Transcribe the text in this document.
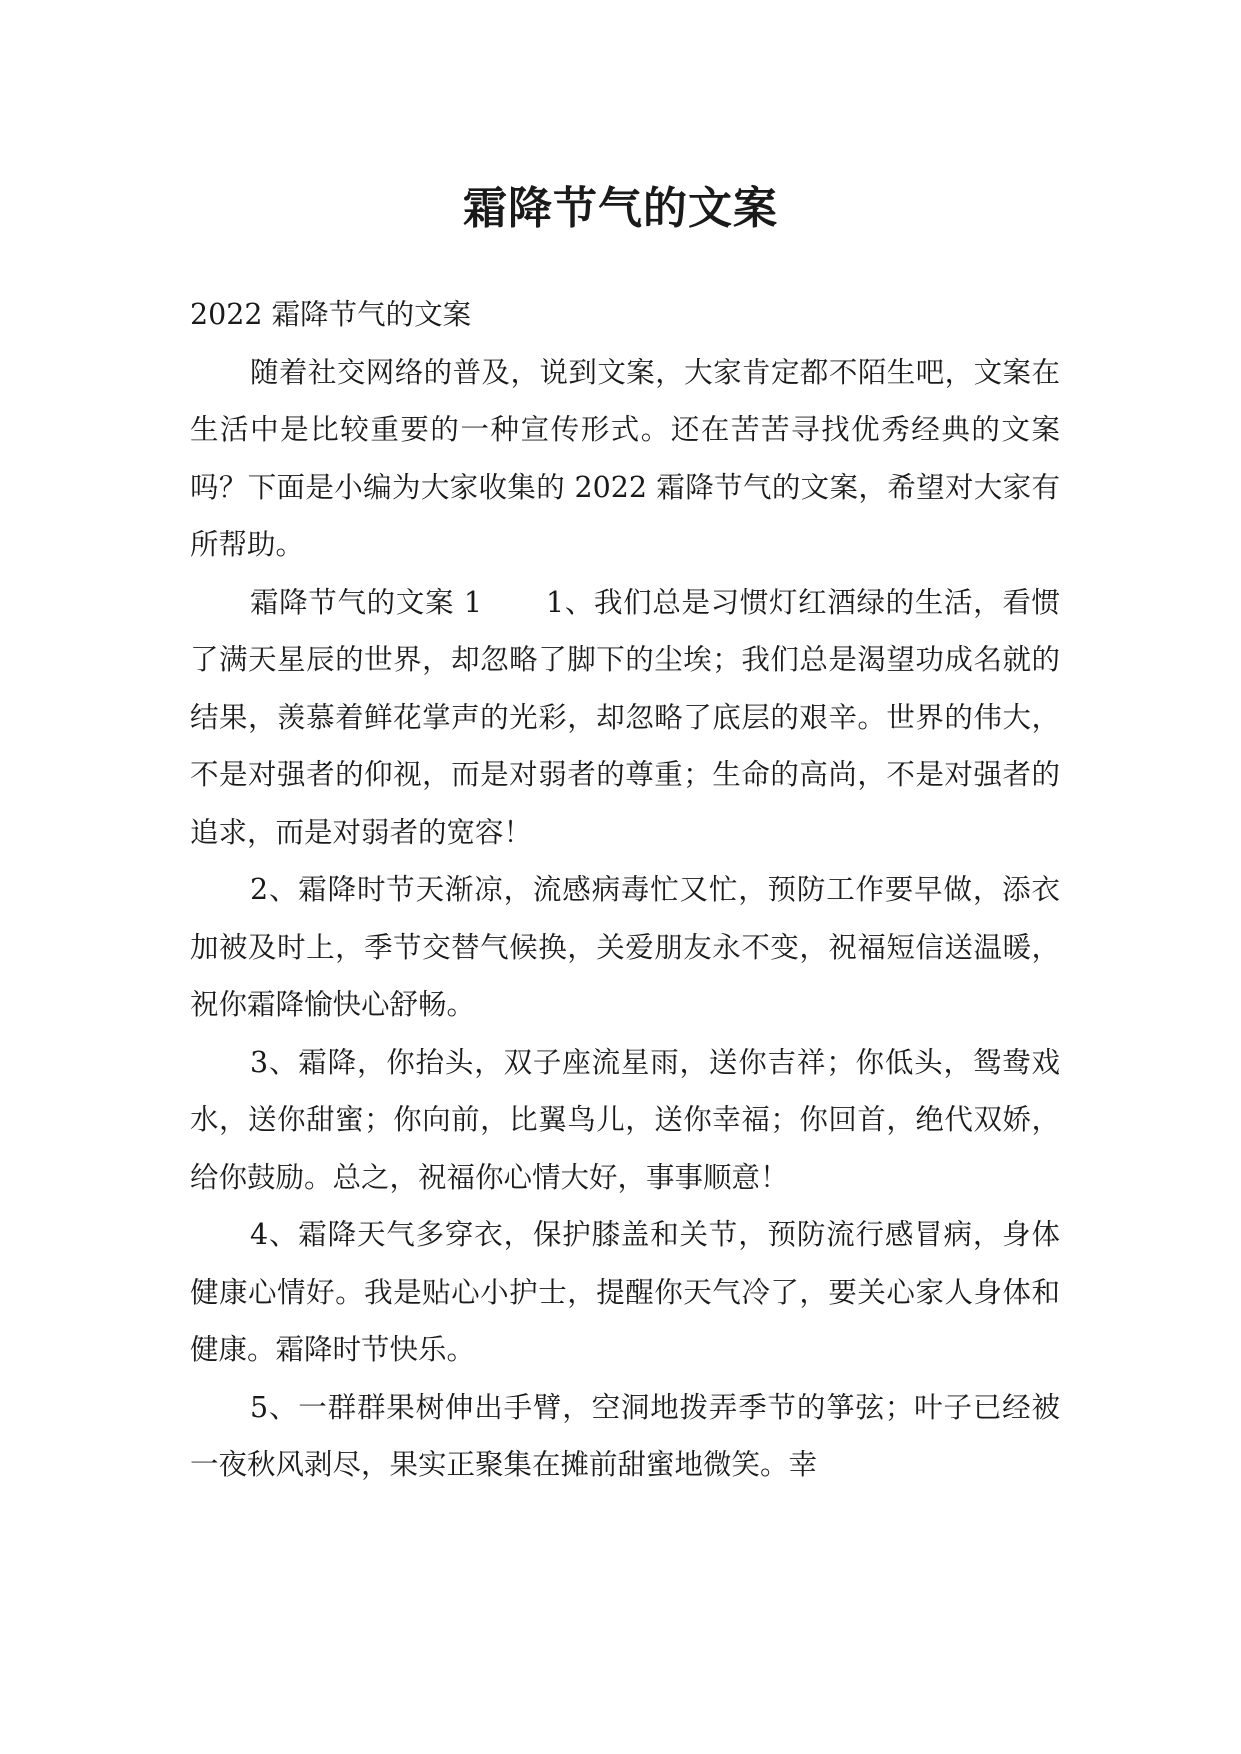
霜降节气的文案

2022 霜降节气的文案

随着社交网络的普及，说到文案，大家肯定都不陌生吧，文案在生活中是比较重要的一种宣传形式。还在苦苦寻找优秀经典的文案吗？下面是小编为大家收集的 2022 霜降节气的文案，希望对大家有所帮助。

霜降节气的文案 1 1、我们总是习惯灯红酒绿的生活，看惯了满天星辰的世界，却忽略了脚下的尘埃；我们总是渴望功成名就的结果，羡慕着鲜花掌声的光彩，却忽略了底层的艰辛。世界的伟大，不是对强者的仰视，而是对弱者的尊重；生命的高尚，不是对强者的追求，而是对弱者的宽容！

2、霜降时节天渐凉，流感病毒忙又忙，预防工作要早做，添衣加被及时上，季节交替气候换，关爱朋友永不变，祝福短信送温暖，祝你霜降愉快心舒畅。

3、霜降，你抬头，双子座流星雨，送你吉祥；你低头，鸳鸯戏水，送你甜蜜；你向前，比翼鸟儿，送你幸福；你回首，绝代双娇，给你鼓励。总之，祝福你心情大好，事事顺意！

4、霜降天气多穿衣，保护膝盖和关节，预防流行感冒病，身体健康心情好。我是贴心小护士，提醒你天气冷了，要关心家人身体和健康。霜降时节快乐。

5、一群群果树伸出手臂，空洞地拨弄季节的箏弦；叶子已经被一夜秋风剥尽，果实正聚集在摊前甜蜜地微笑。幸
